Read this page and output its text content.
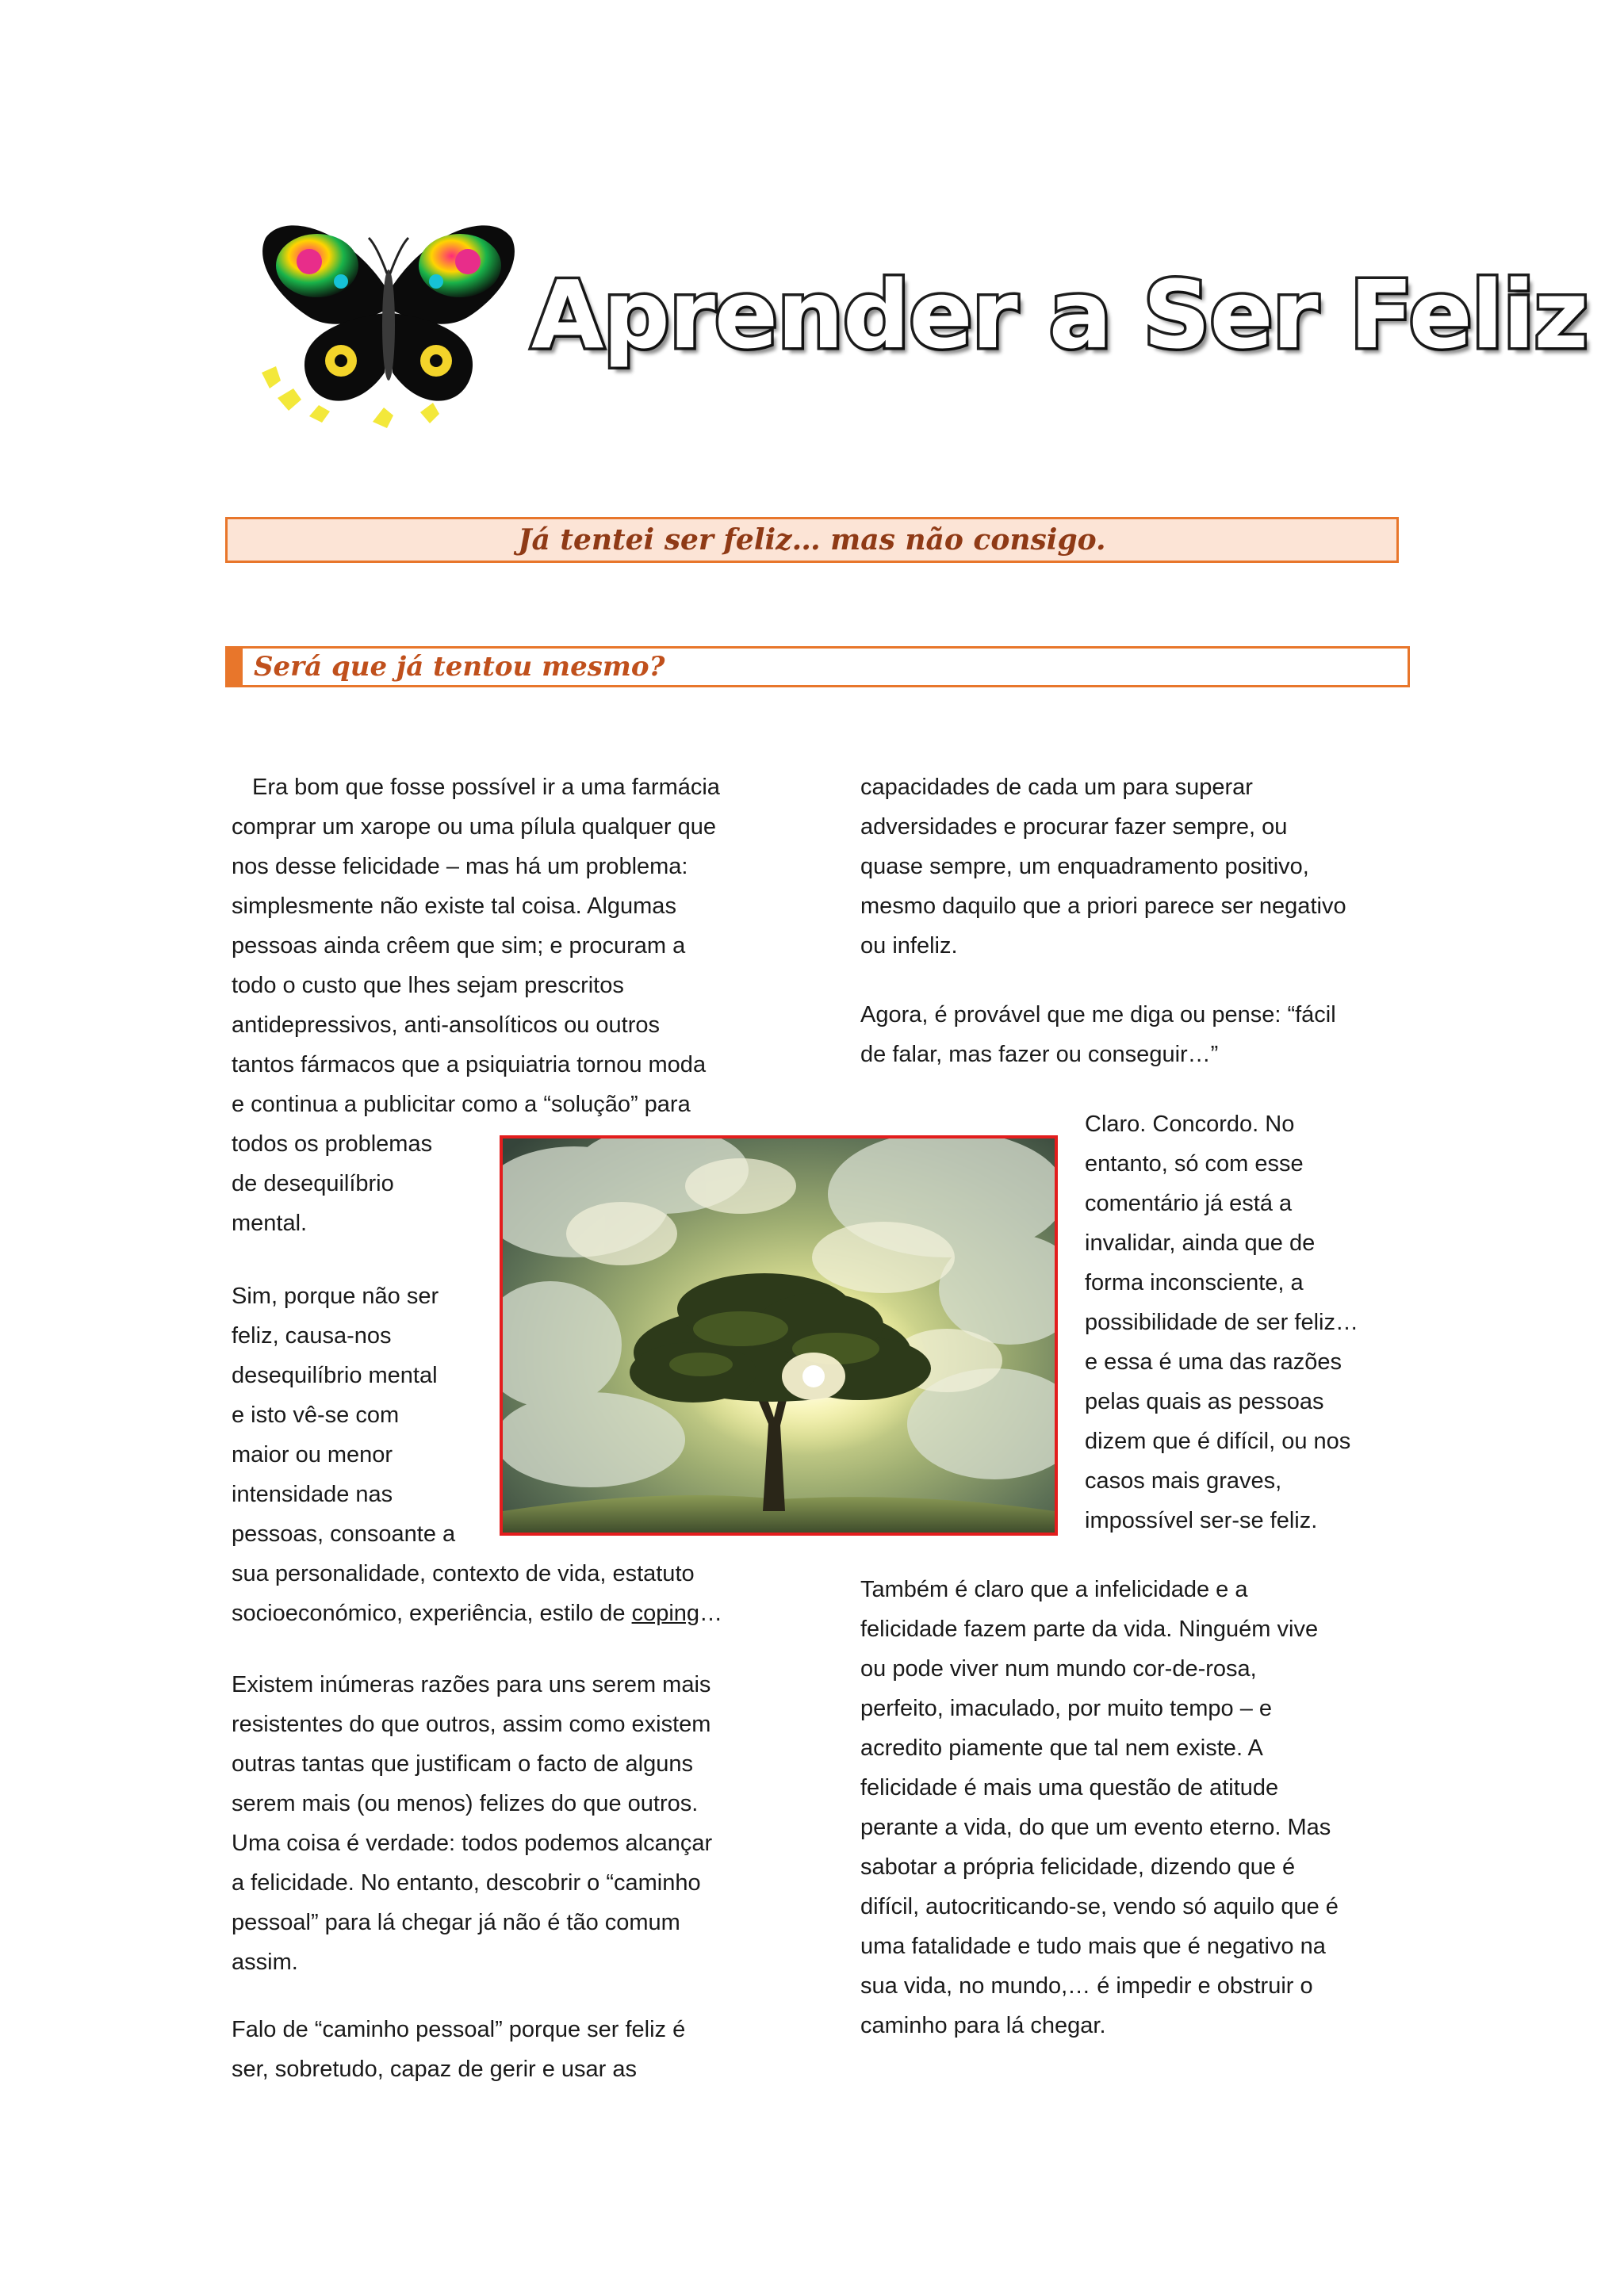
Aprender a Ser Feliz
Já tentei ser feliz… mas não consigo.
Será que já tentou mesmo?
Era bom que fosse possível ir a uma farmácia
comprar um xarope ou uma pílula qualquer que
nos desse felicidade – mas há um problema:
simplesmente não existe tal coisa. Algumas
pessoas ainda crêem que sim; e procuram a
todo o custo que lhes sejam prescritos
antidepressivos, anti-ansolíticos ou outros
tantos fármacos que a psiquiatria tornou moda
e continua a publicitar como a “solução” para
todos os problemas
de desequilíbrio
mental.
Sim, porque não ser
feliz, causa-nos
desequilíbrio mental
e isto vê-se com
maior ou menor
intensidade nas
pessoas, consoante a
sua personalidade, contexto de vida, estatuto
socioeconómico, experiência, estilo de coping…
Existem inúmeras razões para uns serem mais
resistentes do que outros, assim como existem
outras tantas que justificam o facto de alguns
serem mais (ou menos) felizes do que outros.
Uma coisa é verdade: todos podemos alcançar
a felicidade. No entanto, descobrir o “caminho
pessoal” para lá chegar já não é tão comum
assim.
Falo de “caminho pessoal” porque ser feliz é
ser, sobretudo, capaz de gerir e usar as
capacidades de cada um para superar
adversidades e procurar fazer sempre, ou
quase sempre, um enquadramento positivo,
mesmo daquilo que a priori parece ser negativo
ou infeliz.
Agora, é provável que me diga ou pense: “fácil
de falar, mas fazer ou conseguir…”
Claro. Concordo. No
entanto, só com esse
comentário já está a
invalidar, ainda que de
forma inconsciente, a
possibilidade de ser feliz…
e essa é uma das razões
pelas quais as pessoas
dizem que é difícil, ou nos
casos mais graves,
impossível ser-se feliz.
Também é claro que a infelicidade e a
felicidade fazem parte da vida. Ninguém vive
ou pode viver num mundo cor-de-rosa,
perfeito, imaculado, por muito tempo – e
acredito piamente que tal nem existe. A
felicidade é mais uma questão de atitude
perante a vida, do que um evento eterno. Mas
sabotar a própria felicidade, dizendo que é
difícil, autocriticando-se, vendo só aquilo que é
uma fatalidade e tudo mais que é negativo na
sua vida, no mundo,… é impedir e obstruir o
caminho para lá chegar.
